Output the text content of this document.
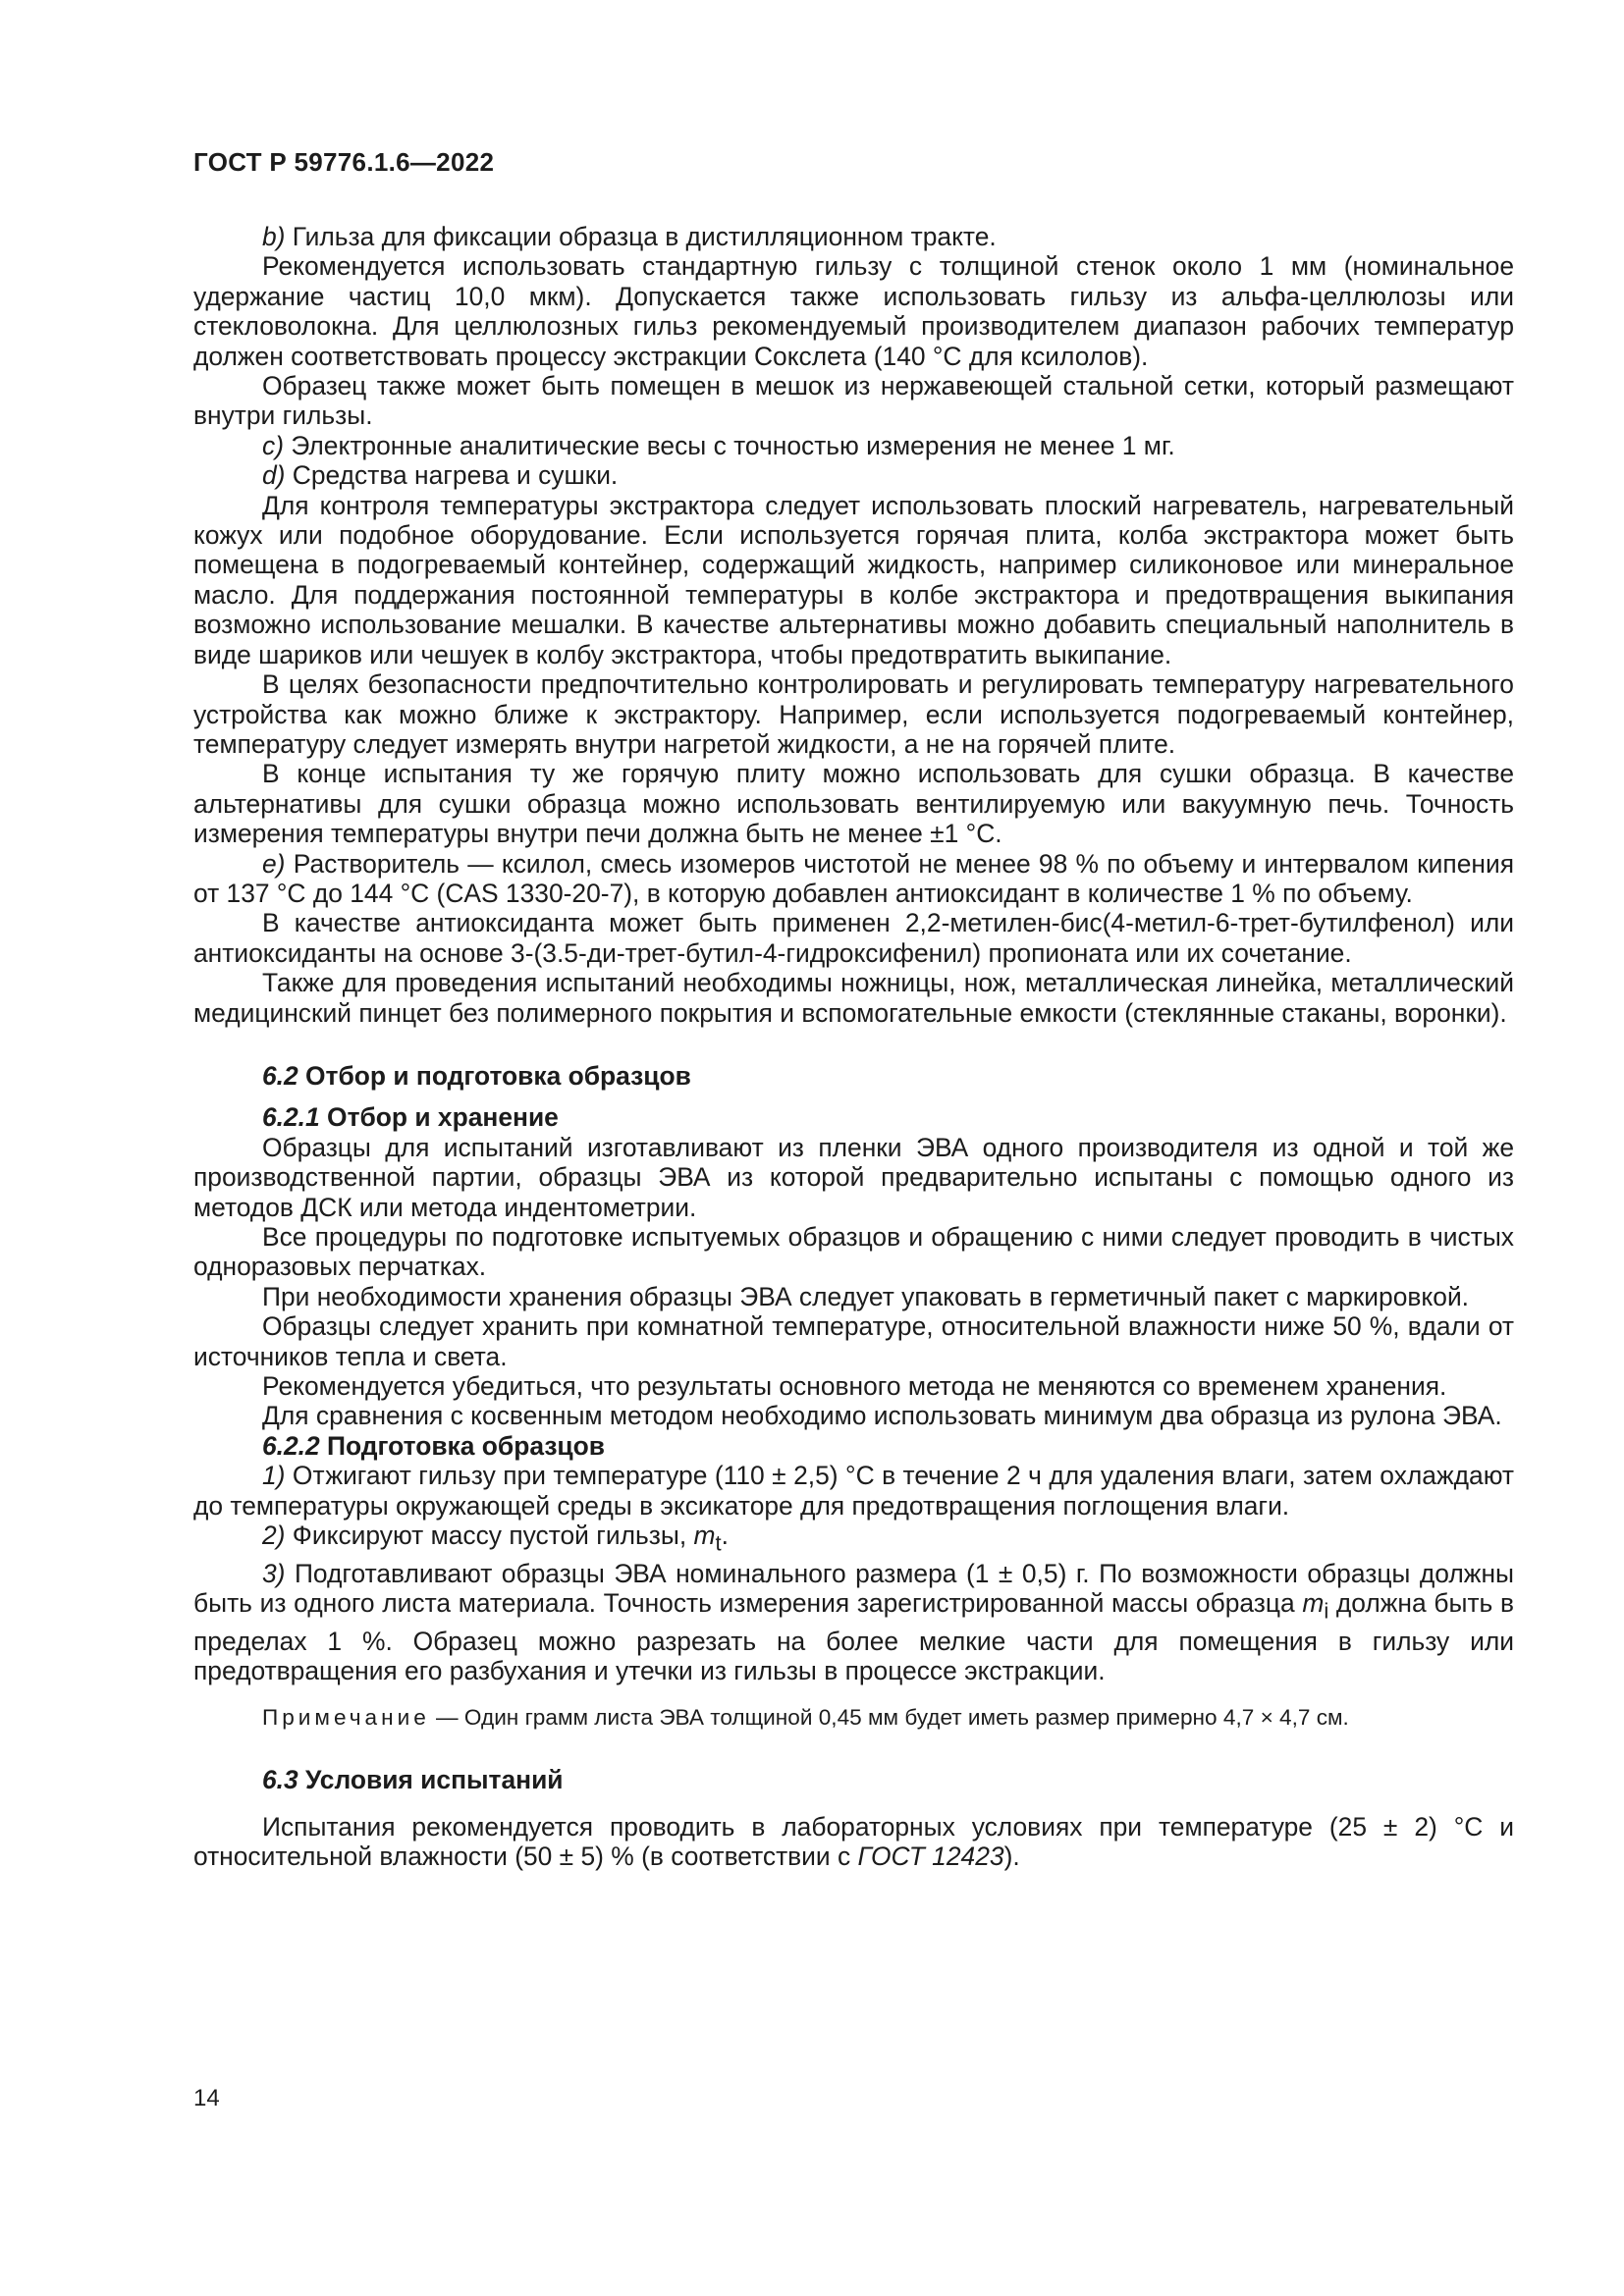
ГОСТ Р 59776.1.6—2022

b) Гильза для фиксации образца в дистилляционном тракте.

Рекомендуется использовать стандартную гильзу с толщиной стенок около 1 мм (номинальное удержание частиц 10,0 мкм). Допускается также использовать гильзу из альфа-целлюлозы или стекловолокна. Для целлюлозных гильз рекомендуемый производителем диапазон рабочих температур должен соответствовать процессу экстракции Сокслета (140 °С для ксилолов).

Образец также может быть помещен в мешок из нержавеющей стальной сетки, который размещают внутри гильзы.

c) Электронные аналитические весы с точностью измерения не менее 1 мг.

d) Средства нагрева и сушки.

Для контроля температуры экстрактора следует использовать плоский нагреватель, нагревательный кожух или подобное оборудование. Если используется горячая плита, колба экстрактора может быть помещена в подогреваемый контейнер, содержащий жидкость, например силиконовое или минеральное масло. Для поддержания постоянной температуры в колбе экстрактора и предотвращения выкипания возможно использование мешалки. В качестве альтернативы можно добавить специальный наполнитель в виде шариков или чешуек в колбу экстрактора, чтобы предотвратить выкипание.

В целях безопасности предпочтительно контролировать и регулировать температуру нагревательного устройства как можно ближе к экстрактору. Например, если используется подогреваемый контейнер, температуру следует измерять внутри нагретой жидкости, а не на горячей плите.

В конце испытания ту же горячую плиту можно использовать для сушки образца. В качестве альтернативы для сушки образца можно использовать вентилируемую или вакуумную печь. Точность измерения температуры внутри печи должна быть не менее ±1 °С.

e) Растворитель — ксилол, смесь изомеров чистотой не менее 98 % по объему и интервалом кипения от 137 °С до 144 °С (CAS 1330-20-7), в которую добавлен антиоксидант в количестве 1 % по объему.

В качестве антиоксиданта может быть применен 2,2-метилен-бис(4-метил-6-трет-бутилфенол) или антиоксиданты на основе 3-(3.5-ди-трет-бутил-4-гидроксифенил) пропионата или их сочетание.

Также для проведения испытаний необходимы ножницы, нож, металлическая линейка, металлический медицинский пинцет без полимерного покрытия и вспомогательные емкости (стеклянные стаканы, воронки).

6.2 Отбор и подготовка образцов

6.2.1 Отбор и хранение

Образцы для испытаний изготавливают из пленки ЭВА одного производителя из одной и той же производственной партии, образцы ЭВА из которой предварительно испытаны с помощью одного из методов ДСК или метода индентометрии.

Все процедуры по подготовке испытуемых образцов и обращению с ними следует проводить в чистых одноразовых перчатках.

При необходимости хранения образцы ЭВА следует упаковать в герметичный пакет с маркировкой.

Образцы следует хранить при комнатной температуре, относительной влажности ниже 50 %, вдали от источников тепла и света.

Рекомендуется убедиться, что результаты основного метода не меняются со временем хранения.

Для сравнения с косвенным методом необходимо использовать минимум два образца из рулона ЭВА.

6.2.2 Подготовка образцов

1) Отжигают гильзу при температуре (110 ± 2,5) °С в течение 2 ч для удаления влаги, затем охлаждают до температуры окружающей среды в эксикаторе для предотвращения поглощения влаги.

2) Фиксируют массу пустой гильзы, $m_t$.

3) Подготавливают образцы ЭВА номинального размера (1 ± 0,5) г. По возможности образцы должны быть из одного листа материала. Точность измерения зарегистрированной массы образца $m_i$ должна быть в пределах 1 %. Образец можно разрезать на более мелкие части для помещения в гильзу или предотвращения его разбухания и утечки из гильзы в процессе экстракции.

Примечание — Один грамм листа ЭВА толщиной 0,45 мм будет иметь размер примерно 4,7 × 4,7 см.

6.3 Условия испытаний

Испытания рекомендуется проводить в лабораторных условиях при температуре (25 ± 2) °С и относительной влажности (50 ± 5) % (в соответствии с ГОСТ 12423).

14
